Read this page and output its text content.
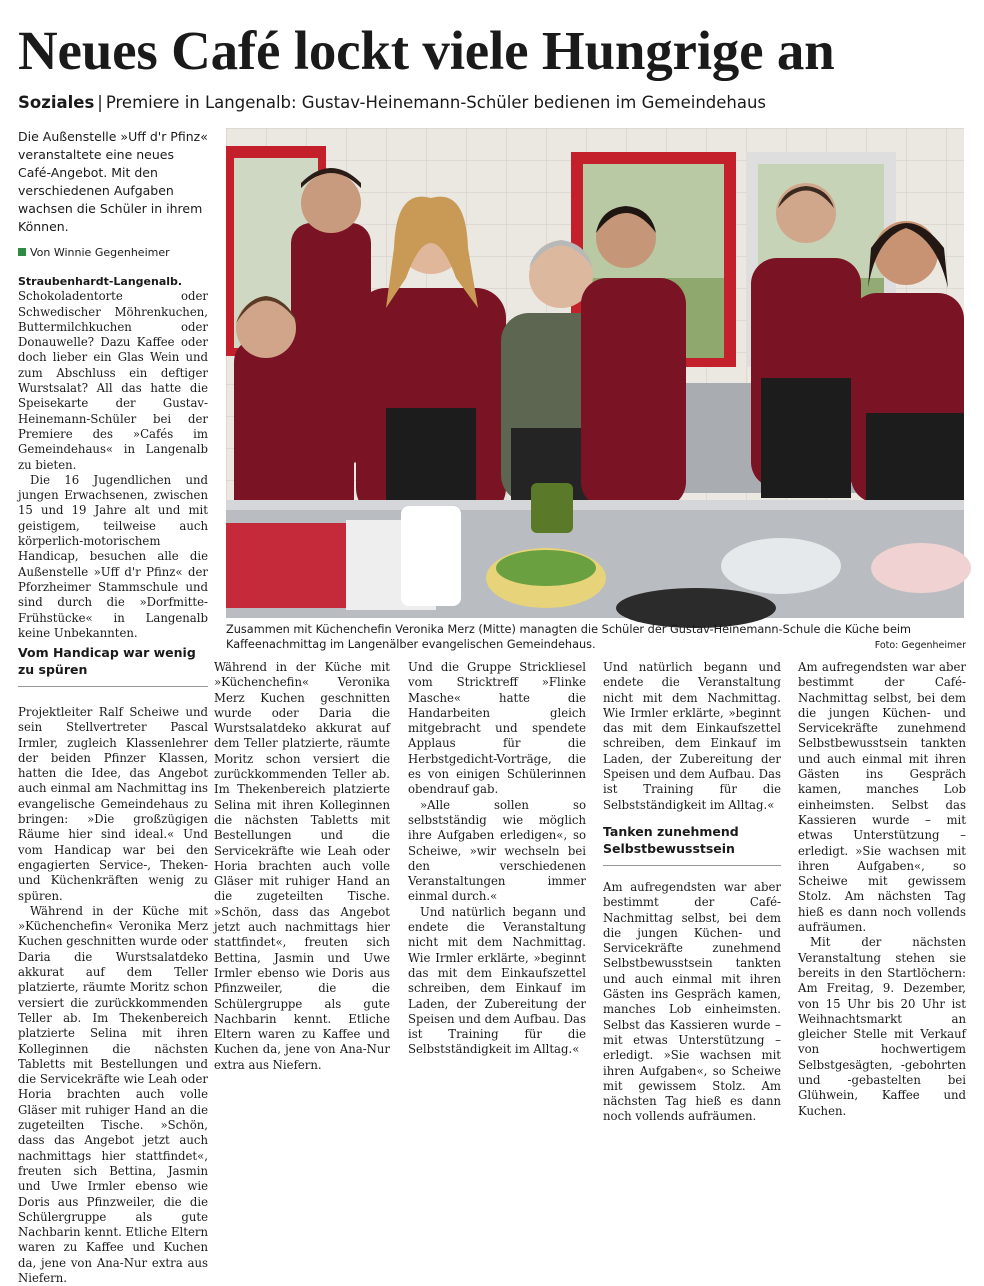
Neues Café lockt viele Hungrige an
Soziales | Premiere in Langenalb: Gustav-Heinemann-Schüler bedienen im Gemeindehaus

Die Außenstelle »Uff d'r Pfinz« veranstaltete eine neues Café-Angebot. Mit den verschiedenen Aufgaben wachsen die Schüler in ihrem Können.

Von Winnie Gegenheimer

Zusammen mit Küchenchefin Veronika Merz (Mitte) managten die Schüler der Gustav-Heinemann-Schule die Küche beim Kaffeenachmittag im Langenälber evangelischen Gemeindehaus.	Foto: Gegenheimer

Straubenhardt-Langenalb. Schokoladentorte oder Schwedischer Möhrenkuchen, Buttermilchkuchen oder Donauwelle? Dazu Kaffee oder doch lieber ein Glas Wein und zum Abschluss ein deftiger Wurstsalat? All das hatte die Speisekarte der Gustav-Heinemann-Schüler bei der Premiere des »Cafés im Gemeindehaus« in Langenalb zu bieten.

Die 16 Jugendlichen und jungen Erwachsenen, zwischen 15 und 19 Jahre alt und mit geistigem, teilweise auch körperlich-motorischem Handicap, besuchen alle die Außenstelle »Uff d'r Pfinz« der Pforzheimer Stammschule und sind durch die »Dorfmitte-Frühstücke« in Langenalb keine Unbekannten.

Vom Handicap war wenig zu spüren

Projektleiter Ralf Scheiwe und sein Stellvertreter Pascal Irmler, zugleich Klassenlehrer der beiden Pfinzer Klassen, hatten die Idee, das Angebot auch einmal am Nachmittag ins evangelische Gemeindehaus zu bringen: »Die großzügigen Räume hier sind ideal.« Und vom Handicap war bei den engagierten Service-, Theken- und Küchenkräften wenig zu spüren.

Während in der Küche mit »Küchenchefin« Veronika Merz Kuchen geschnitten wurde oder Daria die Wurstsalatdeko akkurat auf dem Teller platzierte, räumte Moritz schon versiert die zurückkommenden Teller ab. Im Thekenbereich platzierte Selina mit ihren Kolleginnen die nächsten Tabletts mit Bestellungen und die Servicekräfte wie Leah oder Horia brachten auch volle Gläser mit ruhiger Hand an die zugeteilten Tische. »Schön, dass das Angebot jetzt auch nachmittags hier stattfindet«, freuten sich Bettina, Jasmin und Uwe Irmler ebenso wie Doris aus Pfinzweiler, die die Schülergruppe als gute Nachbarin kennt. Etliche Eltern waren zu Kaffee und Kuchen da, jene von Ana-Nur extra aus Niefern.

Während in der Küche mit »Küchenchefin« Veronika Merz Kuchen geschnitten wurde oder Daria die Wurstsalatdeko akkurat auf dem Teller platzierte, räumte Moritz schon versiert die zurückkommenden Teller ab. Im Thekenbereich platzierte Selina mit ihren Kolleginnen die nächsten Tabletts mit Bestellungen und die Servicekräfte wie Leah oder Horia brachten auch volle Gläser mit ruhiger Hand an die zugeteilten Tische. »Schön, dass das Angebot jetzt auch nachmittags hier stattfindet«, freuten sich Bettina, Jasmin und Uwe Irmler ebenso wie Doris aus Pfinzweiler, die die Schülergruppe als gute Nachbarin kennt. Etliche Eltern waren zu Kaffee und Kuchen da, jene von Ana-Nur extra aus Niefern.

Und die Gruppe Strickliesel vom Stricktreff »Flinke Masche« hatte die Handarbeiten gleich mitgebracht und spendete Applaus für die Herbstgedicht-Vorträge, die es von einigen Schülerinnen obendrauf gab.

»Alle sollen so selbstständig wie möglich ihre Aufgaben erledigen«, so Scheiwe, »wir wechseln bei den verschiedenen Veranstaltungen immer einmal durch.«

Und natürlich begann und endete die Veranstaltung nicht mit dem Nachmittag. Wie Irmler erklärte, »beginnt das mit dem Einkaufszettel schreiben, dem Einkauf im Laden, der Zubereitung der Speisen und dem Aufbau. Das ist Training für die Selbstständigkeit im Alltag.«

Und natürlich begann und endete die Veranstaltung nicht mit dem Nachmittag. Wie Irmler erklärte, »beginnt das mit dem Einkaufszettel schreiben, dem Einkauf im Laden, der Zubereitung der Speisen und dem Aufbau. Das ist Training für die Selbstständigkeit im Alltag.«

Tanken zunehmend Selbstbewusstsein

Am aufregendsten war aber bestimmt der Café-Nachmittag selbst, bei dem die jungen Küchen- und Servicekräfte zunehmend Selbstbewusstsein tankten und auch einmal mit ihren Gästen ins Gespräch kamen, manches Lob einheimsten. Selbst das Kassieren wurde – mit etwas Unterstützung – erledigt. »Sie wachsen mit ihren Aufgaben«, so Scheiwe mit gewissem Stolz. Am nächsten Tag hieß es dann noch vollends aufräumen.

Am aufregendsten war aber bestimmt der Café-Nachmittag selbst, bei dem die jungen Küchen- und Servicekräfte zunehmend Selbstbewusstsein tankten und auch einmal mit ihren Gästen ins Gespräch kamen, manches Lob einheimsten. Selbst das Kassieren wurde – mit etwas Unterstützung – erledigt. »Sie wachsen mit ihren Aufgaben«, so Scheiwe mit gewissem Stolz. Am nächsten Tag hieß es dann noch vollends aufräumen.

Mit der nächsten Veranstaltung stehen sie bereits in den Startlöchern: Am Freitag, 9. Dezember, von 15 Uhr bis 20 Uhr ist Weihnachtsmarkt an gleicher Stelle mit Verkauf von hochwertigem Selbstgesägten, -gebohrten und -gebastelten bei Glühwein, Kaffee und Kuchen.
